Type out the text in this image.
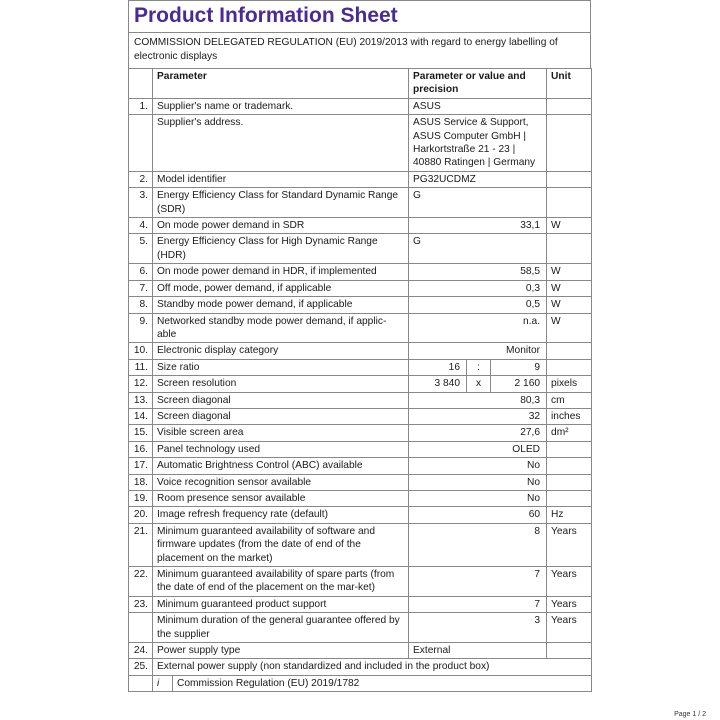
Product Information Sheet
COMMISSION DELEGATED REGULATION (EU) 2019/2013 with regard to energy labelling of electronic displays
	Parameter	Parameter or value and precision			Unit
1.	Supplier's name or trademark.	ASUS			
	Supplier's address.	ASUS Service & Support, ASUS Computer GmbH | Harkortstraße 21 - 23 | 40880 Ratingen | Germany			
2.	Model identifier	PG32UCDMZ			
3.	Energy Efficiency Class for Standard Dynamic Range (SDR)	G			
4.	On mode power demand in SDR	33,1			W
5.	Energy Efficiency Class for High Dynamic Range (HDR)	G			
6.	On mode power demand in HDR, if implemented	58,5			W
7.	Off mode, power demand, if applicable	0,3			W
8.	Standby mode power demand, if applicable	0,5			W
9.	Networked standby mode power demand, if applic-able	n.a.			W
10.	Electronic display category	Monitor			
11.	Size ratio	16	:	9	
12.	Screen resolution	3 840	x	2 160	pixels
13.	Screen diagonal	80,3			cm
14.	Screen diagonal	32			inches
15.	Visible screen area	27,6			dm²
16.	Panel technology used	OLED			
17.	Automatic Brightness Control (ABC) available	No			
18.	Voice recognition sensor available	No			
19.	Room presence sensor available	No			
20.	Image refresh frequency rate (default)	60			Hz
21.	Minimum guaranteed availability of software and firmware updates (from the date of end of the placement on the market)	8			Years
22.	Minimum guaranteed availability of spare parts (from the date of end of the placement on the mar-ket)	7			Years
23.	Minimum guaranteed product support	7			Years
	Minimum duration of the general guarantee offered by the supplier	3			Years
24.	Power supply type	External			
25.	External power supply (non standardized and included in the product box)				

	i Commission Regulation (EU) 2019/1782				
Page 1 / 2
